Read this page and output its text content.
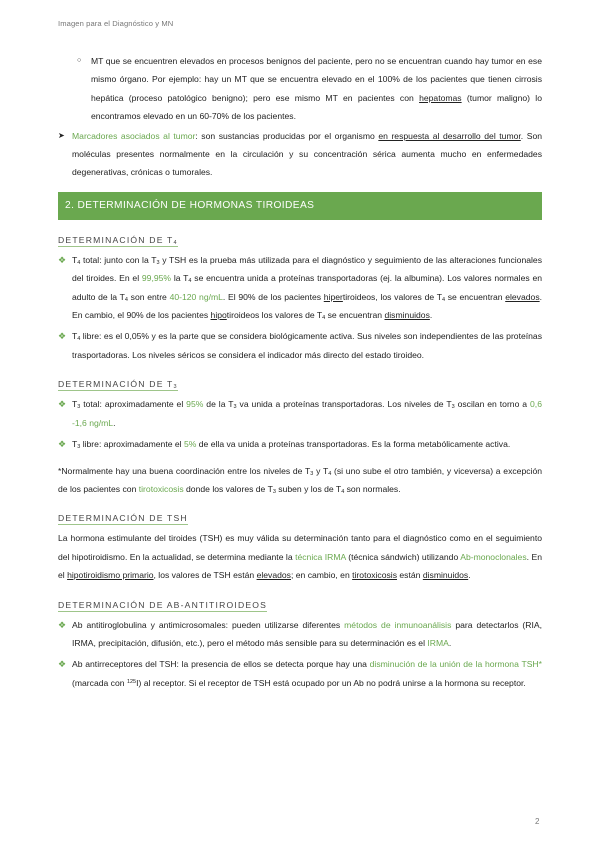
Imagen para el Diagnóstico y MN
○ MT que se encuentren elevados en procesos benignos del paciente, pero no se encuentran cuando hay tumor en ese mismo órgano. Por ejemplo: hay un MT que se encuentra elevado en el 100% de los pacientes que tienen cirrosis hepática (proceso patológico benigno); pero ese mismo MT en pacientes con hepatomas (tumor maligno) lo encontramos elevado en un 60-70% de los pacientes.
➤ Marcadores asociados al tumor: son sustancias producidas por el organismo en respuesta al desarrollo del tumor. Son moléculas presentes normalmente en la circulación y su concentración sérica aumenta mucho en enfermedades degenerativas, crónicas o tumorales.
2. DETERMINACIÓN DE HORMONAS TIROIDEAS
DETERMINACIÓN DE $T_4$
❖ $T_4$ total: junto con la $T_3$ y TSH es la prueba más utilizada para el diagnóstico y seguimiento de las alteraciones funcionales del tiroides. En el 99,95% la $T_4$ se encuentra unida a proteínas transportadoras (ej. la albumina). Los valores normales en adulto de la $T_4$ son entre 40-120 ng/mL. El 90% de los pacientes hipertiroideos, los valores de $T_4$ se encuentran elevados. En cambio, el 90% de los pacientes hipotiroideos los valores de $T_4$ se encuentran disminuidos.
❖ $T_4$ libre: es el 0,05% y es la parte que se considera biológicamente activa. Sus niveles son independientes de las proteínas trasportadoras. Los niveles séricos se considera el indicador más directo del estado tiroideo.
DETERMINACIÓN DE $T_3$
❖ $T_3$ total: aproximadamente el 95% de la $T_3$ va unida a proteínas transportadoras. Los niveles de $T_3$ oscilan en torno a 0,6 -1,6 ng/mL.
❖ $T_3$ libre: aproximadamente el 5% de ella va unida a proteínas transportadoras. Es la forma metabólicamente activa.
*Normalmente hay una buena coordinación entre los niveles de $T_3$ y $T_4$ (si uno sube el otro también, y viceversa) a excepción de los pacientes con tirotoxicosis donde los valores de $T_3$ suben y los de $T_4$ son normales.
DETERMINACIÓN DE TSH
La hormona estimulante del tiroides (TSH) es muy válida su determinación tanto para el diagnóstico como en el seguimiento del hipotiroidismo. En la actualidad, se determina mediante la técnica IRMA (técnica sándwich) utilizando Ab-monoclonales. En el hipotiroidismo primario, los valores de TSH están elevados; en cambio, en tirotoxicosis están disminuidos.
DETERMINACIÓN DE AB-ANTITIROIDEOS
❖ Ab antitiroglobulina y antimicrosomales: pueden utilizarse diferentes métodos de inmunoanálisis para detectarlos (RIA, IRMA, precipitación, difusión, etc.), pero el método más sensible para su determinación es el IRMA.
❖ Ab antirreceptores del TSH: la presencia de ellos se detecta porque hay una disminución de la unión de la hormona TSH* (marcada con $^{125}$I) al receptor. Si el receptor de TSH está ocupado por un Ab no podrá unirse a la hormona su receptor.
2
